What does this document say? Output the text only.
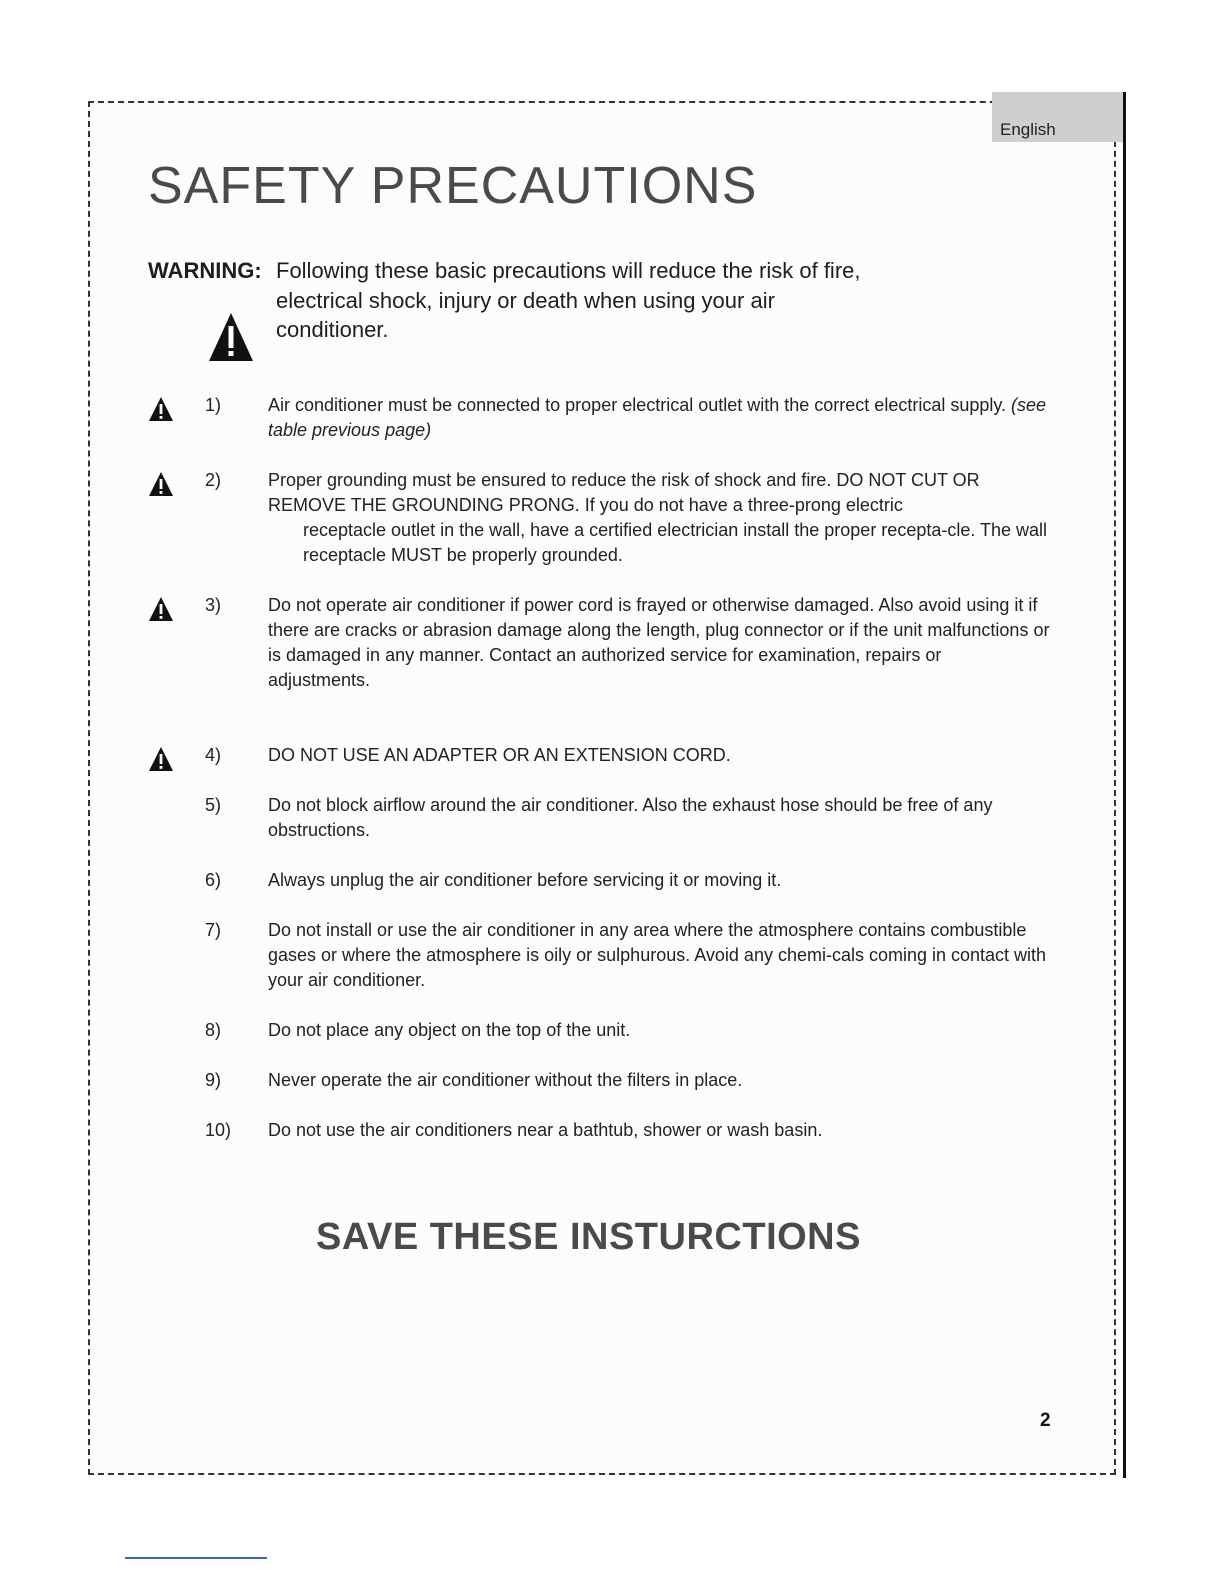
English
SAFETY PRECAUTIONS
WARNING: Following these basic precautions will reduce the risk of fire, electrical shock, injury or death when using your air conditioner.
1)	Air conditioner must be connected to proper electrical outlet with the correct electrical supply. (see table previous page)
2)	Proper grounding must be ensured to reduce the risk of shock and fire. DO NOT CUT OR REMOVE THE GROUNDING PRONG. If you do not have a three-prong electric

receptacle outlet in the wall, have a certified electrician install the proper recepta-cle. The wall receptacle MUST be properly grounded.

3)	Do not operate air conditioner if power cord is frayed or otherwise damaged. Also avoid using it if there are cracks or abrasion damage along the length, plug connector or if the unit malfunctions or is damaged in any manner. Contact an authorized service for examination, repairs or

adjustments.

4)	DO NOT USE AN ADAPTER OR AN EXTENSION CORD.
5)	Do not block airflow around the air conditioner. Also the exhaust hose should be free of any obstructions.
6)	Always unplug the air conditioner before servicing it or moving it.
7)	Do not install or use the air conditioner in any area where the atmosphere contains combustible gases or where the atmosphere is oily or sulphurous. Avoid any chemi-cals coming in contact with your air conditioner.
8)	Do not place any object on the top of the unit.
9)	Never operate the air conditioner without the filters in place.
10) Do not use the air conditioners near a bathtub, shower or wash basin.
SAVE THESE INSTURCTIONS
2
